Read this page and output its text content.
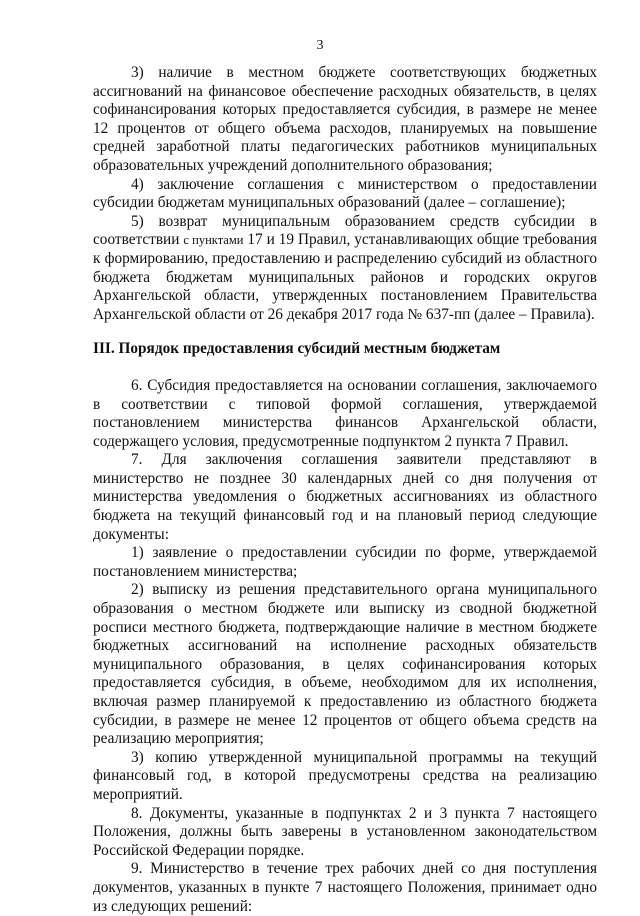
3

3) наличие в местном бюджете соответствующих бюджетных ассигнований на финансовое обеспечение расходных обязательств, в целях софинансирования которых предоставляется субсидия, в размере не менее 12 процентов от общего объема расходов, планируемых на повышение средней заработной платы педагогических работников муниципальных образовательных учреждений дополнительного образования;

4) заключение соглашения с министерством о предоставлении субсидии бюджетам муниципальных образований (далее – соглашение);

5) возврат муниципальным образованием средств субсидии в соответствии с пунктами 17 и 19 Правил, устанавливающих общие требования к формированию, предоставлению и распределению субсидий из областного бюджета бюджетам муниципальных районов и городских округов Архангельской области, утвержденных постановлением Правительства Архангельской области от 26 декабря 2017 года № 637-пп (далее – Правила).

III. Порядок предоставления субсидий местным бюджетам

6. Субсидия предоставляется на основании соглашения, заключаемого в соответствии с типовой формой соглашения, утверждаемой постановлением министерства финансов Архангельской области, содержащего условия, предусмотренные подпунктом 2 пункта 7 Правил.

7. Для заключения соглашения заявители представляют в министерство не позднее 30 календарных дней со дня получения от министерства уведомления о бюджетных ассигнованиях из областного бюджета на текущий финансовый год и на плановый период следующие документы:

1) заявление о предоставлении субсидии по форме, утверждаемой постановлением министерства;

2) выписку из решения представительного органа муниципального образования о местном бюджете или выписку из сводной бюджетной росписи местного бюджета, подтверждающие наличие в местном бюджете бюджетных ассигнований на исполнение расходных обязательств муниципального образования, в целях софинансирования которых предоставляется субсидия, в объеме, необходимом для их исполнения, включая размер планируемой к предоставлению из областного бюджета субсидии, в размере не менее 12 процентов от общего объема средств на реализацию мероприятия;

3) копию утвержденной муниципальной программы на текущий финансовый год, в которой предусмотрены средства на реализацию мероприятий.

8. Документы, указанные в подпунктах 2 и 3 пункта 7 настоящего Положения, должны быть заверены в установленном законодательством Российской Федерации порядке.

9. Министерство в течение трех рабочих дней со дня поступления документов, указанных в пункте 7 настоящего Положения, принимает одно из следующих решений:
